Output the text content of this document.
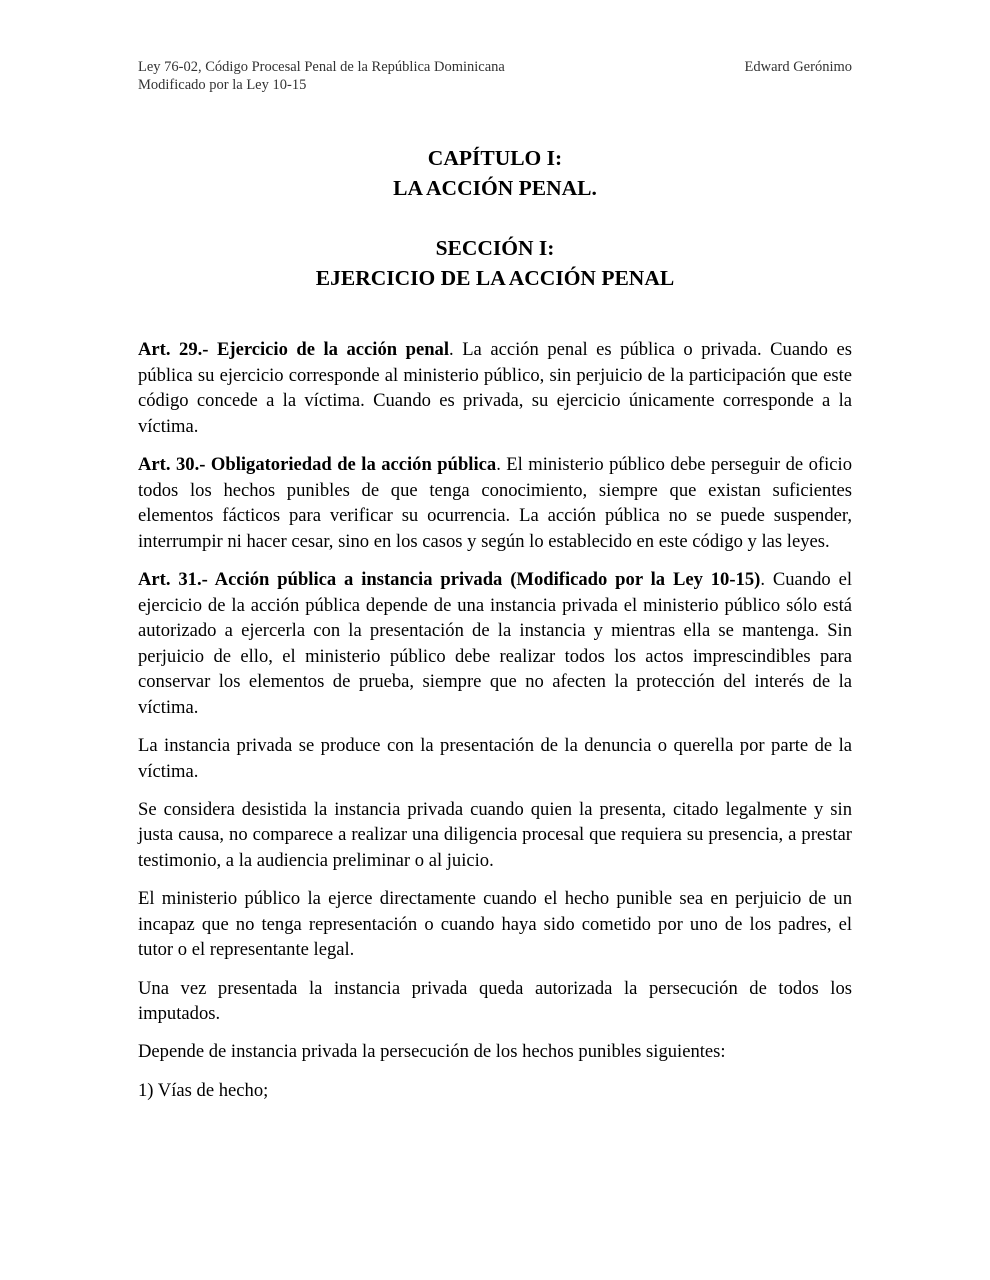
Ley 76-02, Código Procesal Penal de la República Dominicana	Edward Gerónimo
Modificado por la Ley 10-15
CAPÍTULO I:
LA ACCIÓN PENAL.
SECCIÓN I:
EJERCICIO DE LA ACCIÓN PENAL

Art. 29.- Ejercicio de la acción penal. La acción penal es pública o privada. Cuando es pública su ejercicio corresponde al ministerio público, sin perjuicio de la participación que este código concede a la víctima. Cuando es privada, su ejercicio únicamente corresponde a la víctima.

Art. 30.- Obligatoriedad de la acción pública. El ministerio público debe perseguir de oficio todos los hechos punibles de que tenga conocimiento, siempre que existan suficientes elementos fácticos para verificar su ocurrencia. La acción pública no se puede suspender, interrumpir ni hacer cesar, sino en los casos y según lo establecido en este código y las leyes.

Art. 31.- Acción pública a instancia privada (Modificado por la Ley 10-15). Cuando el ejercicio de la acción pública depende de una instancia privada el ministerio público sólo está autorizado a ejercerla con la presentación de la instancia y mientras ella se mantenga. Sin perjuicio de ello, el ministerio público debe realizar todos los actos imprescindibles para conservar los elementos de prueba, siempre que no afecten la protección del interés de la víctima.

La instancia privada se produce con la presentación de la denuncia o querella por parte de la víctima.

Se considera desistida la instancia privada cuando quien la presenta, citado legalmente y sin justa causa, no comparece a realizar una diligencia procesal que requiera su presencia, a prestar testimonio, a la audiencia preliminar o al juicio.

El ministerio público la ejerce directamente cuando el hecho punible sea en perjuicio de un incapaz que no tenga representación o cuando haya sido cometido por uno de los padres, el tutor o el representante legal.

Una vez presentada la instancia privada queda autorizada la persecución de todos los imputados.

Depende de instancia privada la persecución de los hechos punibles siguientes:

1) Vías de hecho;
